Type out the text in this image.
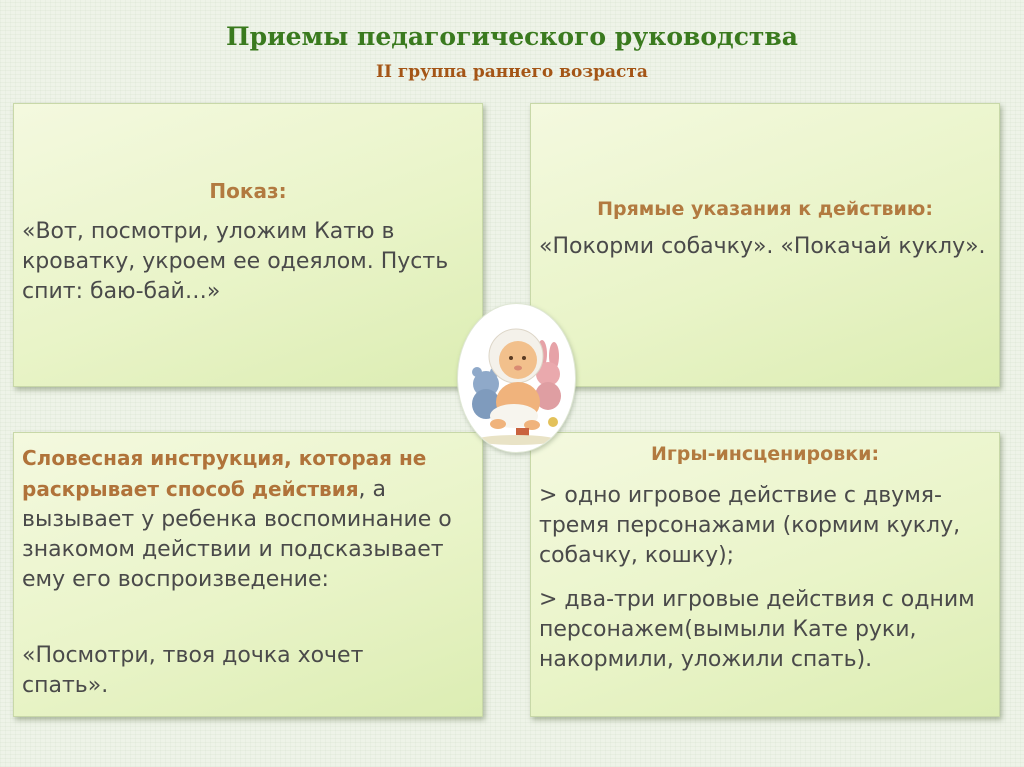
Приемы педагогического руководства
II группа раннего возраста
Показ:
«Вот, посмотри, уложим Катю в кроватку, укроем ее одеялом. Пусть спит: баю-бай…»
Прямые указания к действию:
«Покорми собачку». «Покачай куклу».
Словесная инструкция, которая не раскрывает способ действия, а вызывает у ребенка воспоминание о знакомом действии и подсказывает ему его воспроизведение:
«Посмотри, твоя дочка хочет спать».
Игры-инсценировки:
> одно игровое действие с двумя-тремя персонажами (кормим куклу, собачку, кошку);
> два-три игровые действия с одним персонажем(вымыли Кате руки, накормили, уложили спать).
